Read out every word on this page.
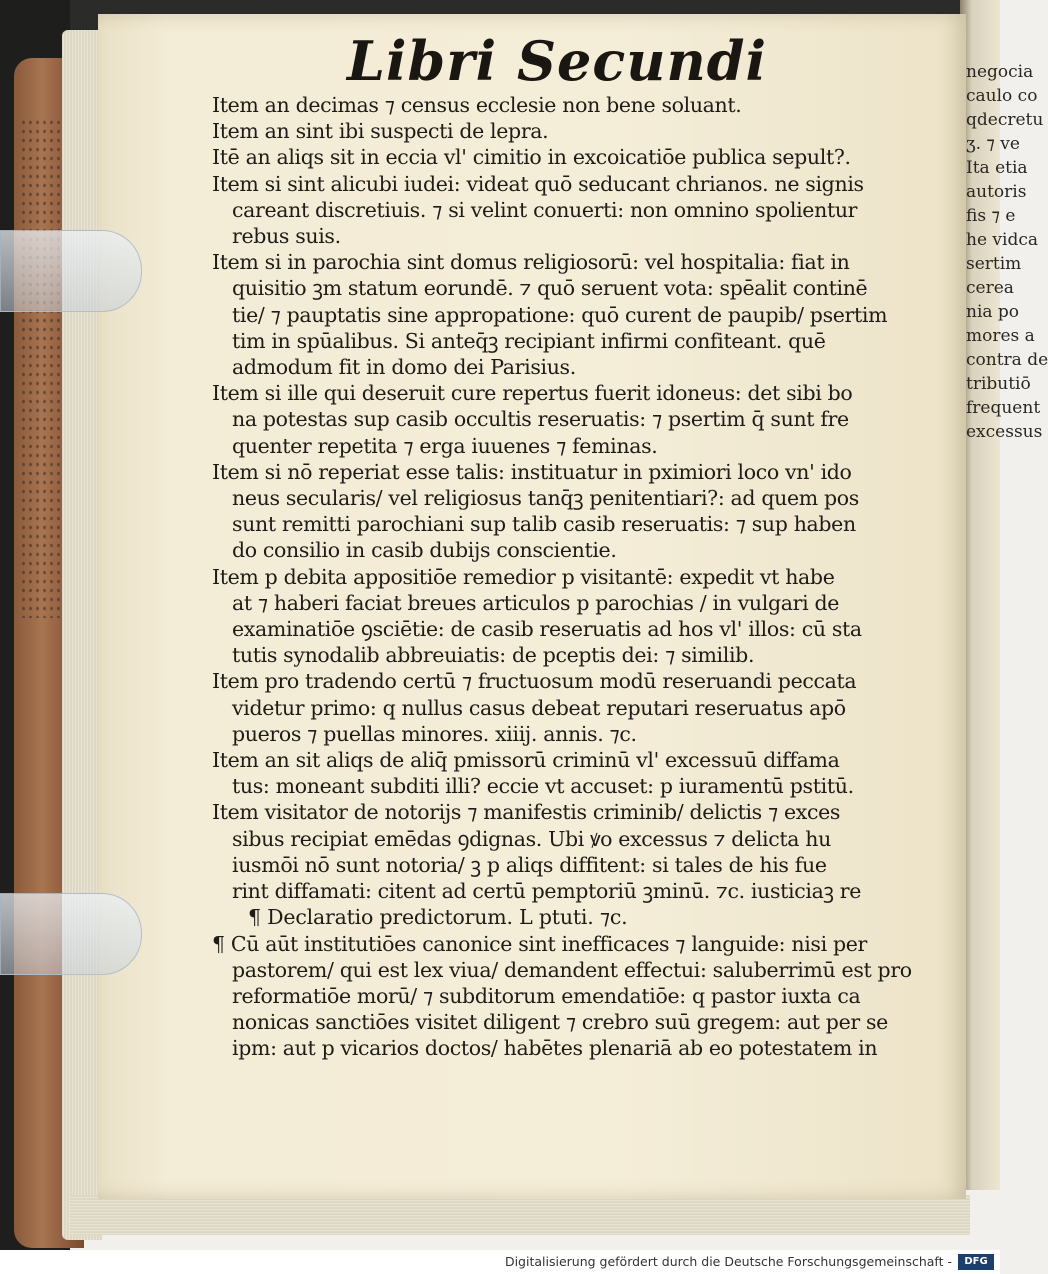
negocia
caulo co
qdecretu
ʒ. ⁊ ve
Ita etia
autoris
fis ⁊ e
he vidca
sertim
cerea
nia po
mores a
contra de
tributiō
frequent
excessus
Libri Secundi
Item an decimas ⁊ census ecclesie non bene soluant.
Item an sint ibi suspecti de lepra.
Itē an aliqs sit in eccia vl' cimitio in excoicatiōe publica sepult?.
Item si sint alicubi iudei: videat quō seducant chrianos. ne signis
careant discretiuis. ⁊ si velint conuerti: non omnino spolientur
rebus suis.
Item si in parochia sint domus religiosorū: vel hospitalia: fiat in
quisitio ꝫm statum eorundē. ⁊ quō seruent vota: spēalit continē
tie/ ⁊ pauptatis sine appropatione: quō curent de paupib/ psertim
tim in spūalibus. Si anteq̄ꝫ recipiant infirmi confiteant. quē
admodum fit in domo dei Parisius.
Item si ille qui deseruit cure repertus fuerit idoneus: det sibi bo
na potestas sup casib occultis reseruatis: ⁊ psertim q̄ sunt fre
quenter repetita ⁊ erga iuuenes ⁊ feminas.
Item si nō reperiat esse talis: instituatur in pximiori loco vn' ido
neus secularis/ vel religiosus tanq̄ꝫ penitentiari?: ad quem pos
sunt remitti parochiani sup talib casib reseruatis: ⁊ sup haben
do consilio in casib dubijs conscientie.
Item p debita appositiōe remedior p visitantē: expedit vt habe
at ⁊ haberi faciat breues articulos p parochias / in vulgari de
examinatiōe ꝯsciētie: de casib reseruatis ad hos vl' illos: cū sta
tutis synodalib abbreuiatis: de pceptis dei: ⁊ similib.
Item pro tradendo certū ⁊ fructuosum modū reseruandi peccata
videtur primo: q nullus casus debeat reputari reseruatus apō
pueros ⁊ puellas minores. xiiij. annis. ⁊c.
Item an sit aliqs de aliq̄ pmissorū criminū vl' excessuū diffama
tus: moneant subditi illi? eccie vt accuset: p iuramentū pstitū.
Item visitator de notorijs ⁊ manifestis criminib/ delictis ⁊ exces
sibus recipiat emēdas ꝯdignas. Ubi ꝟo excessus ⁊ delicta hu
iusmōi nō sunt notoria/ ꝫ p aliqs diffitent: si tales de his fue
rint diffamati: citent ad certū pemptoriū ꝫminū. ⁊c. iusticiaꝫ re
¶ Declaratio predictorum. L ptuti. ⁊c.
¶ Cū aūt institutiōes canonice sint inefficaces ⁊ languide: nisi per
pastorem/ qui est lex viua/ demandent effectui: saluberrimū est pro
reformatiōe morū/ ⁊ subditorum emendatiōe: q pastor iuxta ca
nonicas sanctiōes visitet diligent ⁊ crebro suū gregem: aut per se
ipm: aut p vicarios doctos/ habētes plenariā ab eo potestatem in
Digitalisierung gefördert durch die Deutsche Forschungsgemeinschaft -	DFG
